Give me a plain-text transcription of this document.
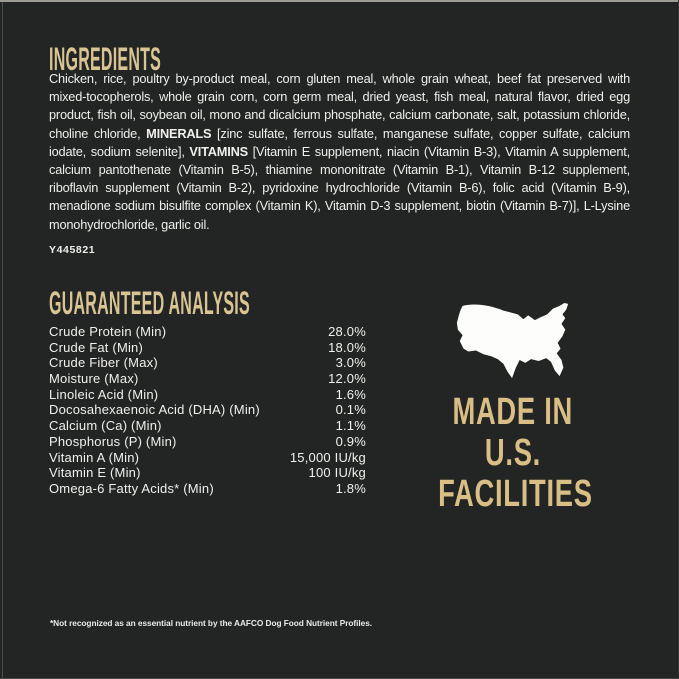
INGREDIENTS

Chicken, rice, poultry by-product meal, corn gluten meal, whole grain wheat, beef fat preserved with mixed-tocopherols, whole grain corn, corn germ meal, dried yeast, fish meal, natural flavor, dried egg product, fish oil, soybean oil, mono and dicalcium phosphate, calcium carbonate, salt, potassium chloride, choline chloride, MINERALS [zinc sulfate, ferrous sulfate, manganese sulfate, copper sulfate, calcium iodate, sodium selenite], VITAMINS [Vitamin E supplement, niacin (Vitamin B-3), Vitamin A supplement, calcium pantothenate (Vitamin B-5), thiamine mononitrate (Vitamin B-1), Vitamin B-12 supplement, riboflavin supplement (Vitamin B-2), pyridoxine hydrochloride (Vitamin B-6), folic acid (Vitamin B-9), menadione sodium bisulfite complex (Vitamin K), Vitamin D-3 supplement, biotin (Vitamin B-7)], L-Lysine monohydrochloride, garlic oil.

Y445821
GUARANTEED ANALYSIS
Crude Protein (Min)	28.0%
Crude Fat (Min)	18.0%
Crude Fiber (Max)	3.0%
Moisture (Max)	12.0%
Linoleic Acid (Min)	1.6%
Docosahexaenoic Acid (DHA) (Min)	0.1%
Calcium (Ca) (Min)	1.1%
Phosphorus (P) (Min)	0.9%
Vitamin A (Min)	15,000 IU/kg
Vitamin E (Min)	100 IU/kg
Omega-6 Fatty Acids* (Min)	1.8%
MADE IN
U.S.
FACILITIES
*Not recognized as an essential nutrient by the AAFCO Dog Food Nutrient Profiles.
